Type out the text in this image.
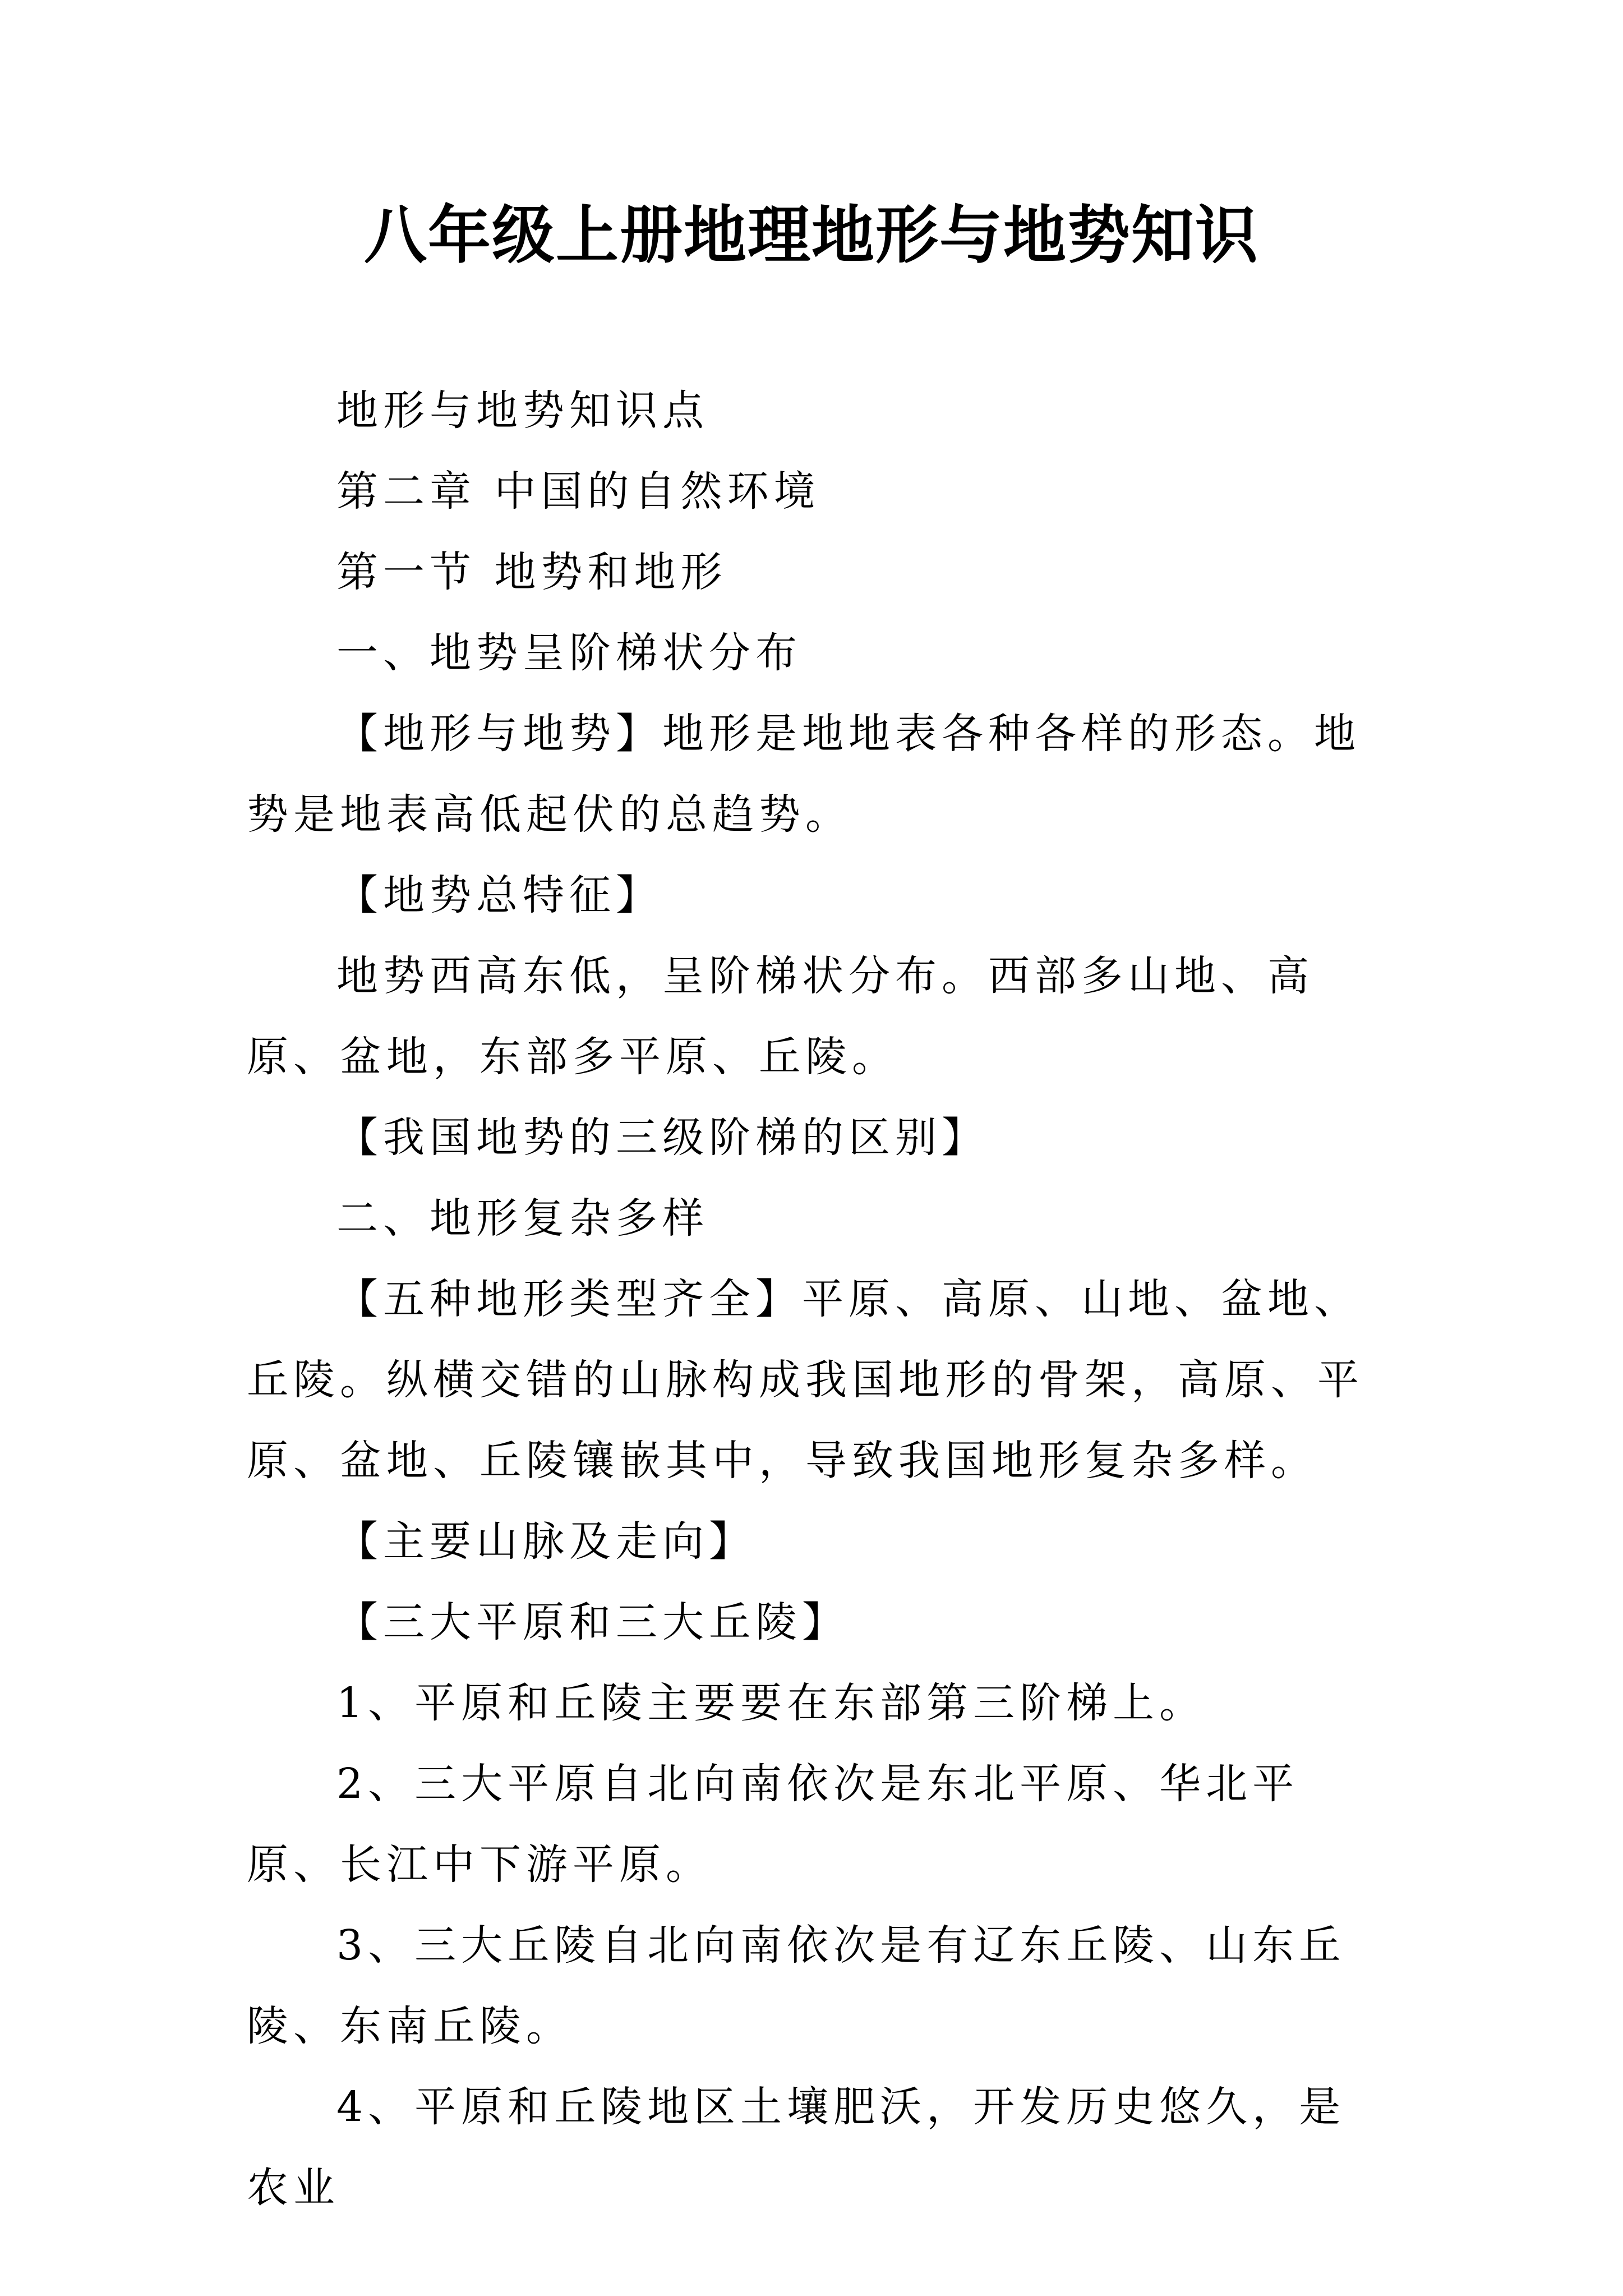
八年级上册地理地形与地势知识

地形与地势知识点

第二章 中国的自然环境

第一节 地势和地形

一、地势呈阶梯状分布

【地形与地势】地形是地地表各种各样的形态。地势是地表高低起伏的总趋势。

【地势总特征】

地势西高东低，呈阶梯状分布。西部多山地、高原、盆地，东部多平原、丘陵。

【我国地势的三级阶梯的区别】

二、地形复杂多样

【五种地形类型齐全】平原、高原、山地、盆地、丘陵。纵横交错的山脉构成我国地形的骨架，高原、平原、盆地、丘陵镶嵌其中，导致我国地形复杂多样。

【主要山脉及走向】

【三大平原和三大丘陵】

1、平原和丘陵主要要在东部第三阶梯上。

2、三大平原自北向南依次是东北平原、华北平原、长江中下游平原。

3、三大丘陵自北向南依次是有辽东丘陵、山东丘陵、东南丘陵。

4、平原和丘陵地区土壤肥沃，开发历史悠久，是农业
